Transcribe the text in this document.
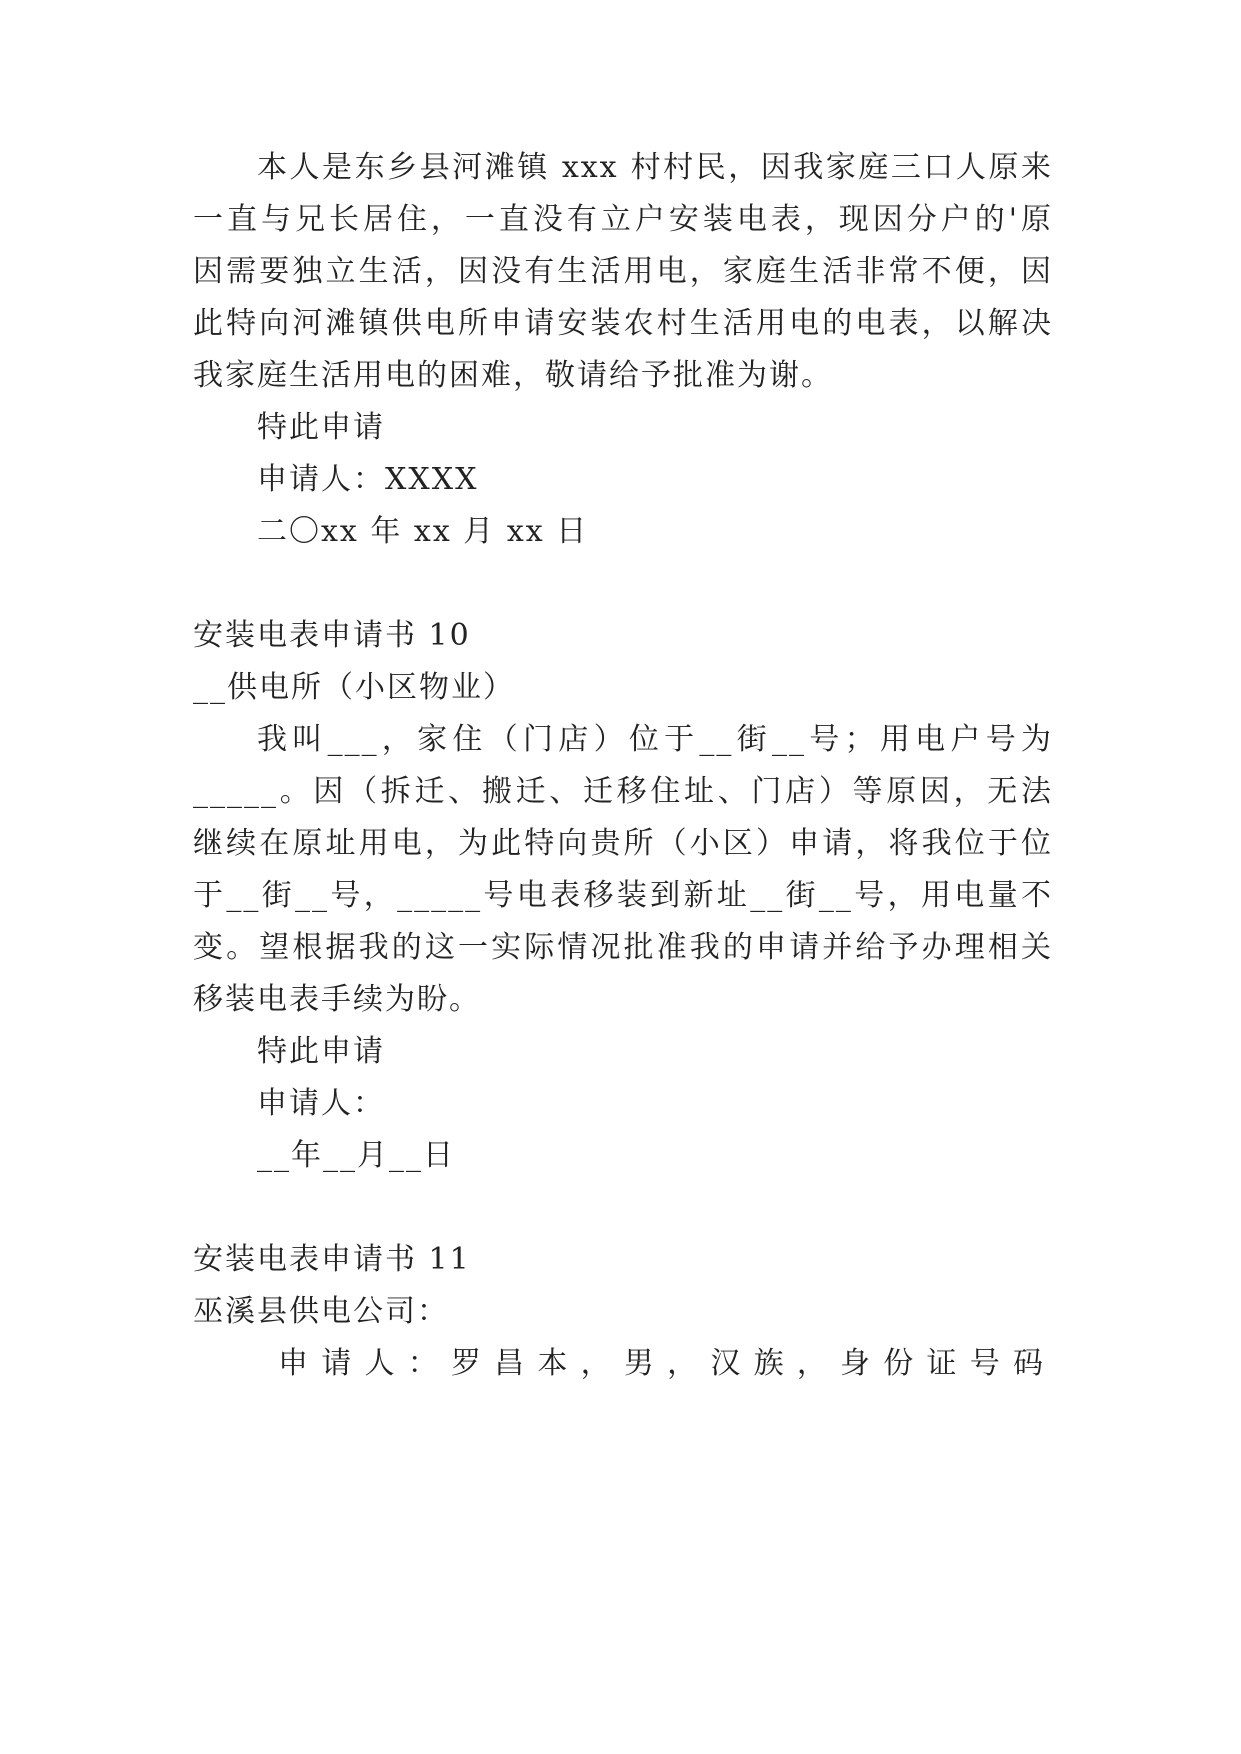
本人是东乡县河滩镇 xxx 村村民，因我家庭三口人原来
一直与兄长居住，一直没有立户安装电表，现因分户的'原
因需要独立生活，因没有生活用电，家庭生活非常不便，因
此特向河滩镇供电所申请安装农村生活用电的电表，以解决
我家庭生活用电的困难，敬请给予批准为谢。
特此申请
申请人：XXXX
二〇xx 年 xx 月 xx 日
安装电表申请书 10
__供电所（小区物业）
我叫___，家住（门店）位于__街__号；用电户号为
_____。因（拆迁、搬迁、迁移住址、门店）等原因，无法
继续在原址用电，为此特向贵所（小区）申请，将我位于位
于__街__号，_____号电表移装到新址__街__号，用电量不
变。望根据我的这一实际情况批准我的申请并给予办理相关
移装电表手续为盼。
特此申请
申请人：
__年__月__日
安装电表申请书 11
巫溪县供电公司：
申请人：罗昌本，男，汉族，身份证号码
